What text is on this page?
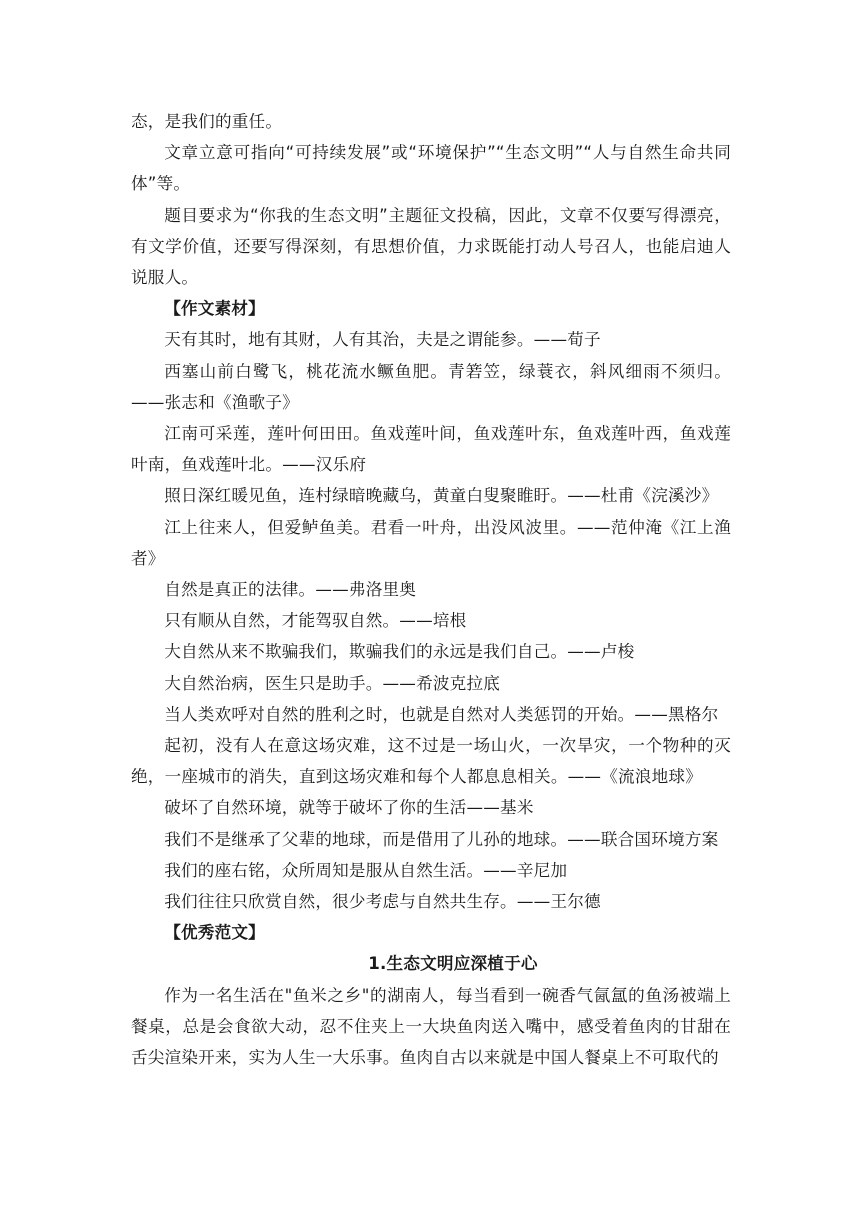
态，是我们的重任。

文章立意可指向“可持续发展”或“环境保护”“生态文明”“人与自然生命共同体”等。

题目要求为“你我的生态文明”主题征文投稿，因此，文章不仅要写得漂亮，有文学价值，还要写得深刻，有思想价值，力求既能打动人号召人，也能启迪人说服人。

【作文素材】

天有其时，地有其财，人有其治，夫是之谓能参。——荀子

西塞山前白鹭飞，桃花流水鳜鱼肥。青箬笠，绿蓑衣，斜风细雨不须归。——张志和《渔歌子》

江南可采莲，莲叶何田田。鱼戏莲叶间，鱼戏莲叶东，鱼戏莲叶西，鱼戏莲叶南，鱼戏莲叶北。——汉乐府

照日深红暖见鱼，连村绿暗晚藏乌，黄童白叟聚睢盱。——杜甫《浣溪沙》

江上往来人，但爱鲈鱼美。君看一叶舟，出没风波里。——范仲淹《江上渔者》

自然是真正的法律。——弗洛里奥

只有顺从自然，才能驾驭自然。——培根

大自然从来不欺骗我们，欺骗我们的永远是我们自己。——卢梭

大自然治病，医生只是助手。——希波克拉底

当人类欢呼对自然的胜利之时，也就是自然对人类惩罚的开始。——黑格尔

起初，没有人在意这场灾难，这不过是一场山火，一次旱灾，一个物种的灭绝，一座城市的消失，直到这场灾难和每个人都息息相关。——《流浪地球》

破坏了自然环境，就等于破坏了你的生活——基米

我们不是继承了父辈的地球，而是借用了儿孙的地球。——联合国环境方案

我们的座右铭，众所周知是服从自然生活。——辛尼加

我们往往只欣赏自然，很少考虑与自然共生存。——王尔德

【优秀范文】

1.生态文明应深植于心

作为一名生活在"鱼米之乡"的湖南人，每当看到一碗香气氤氲的鱼汤被端上餐桌，总是会食欲大动，忍不住夹上一大块鱼肉送入嘴中，感受着鱼肉的甘甜在舌尖渲染开来，实为人生一大乐事。鱼肉自古以来就是中国人餐桌上不可取代的
